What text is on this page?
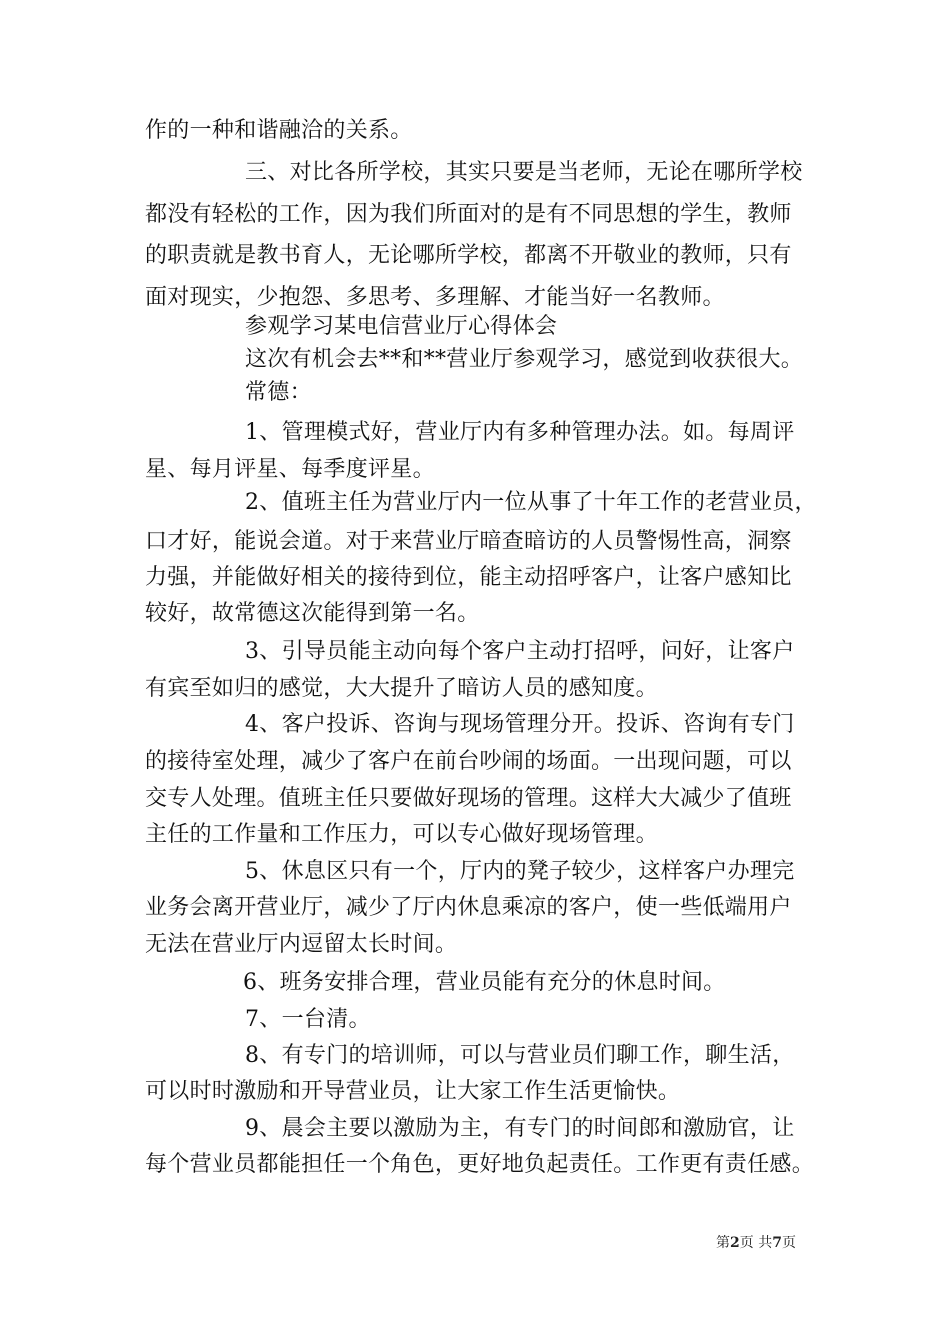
作的一种和谐融洽的关系。
三、对比各所学校，其实只要是当老师，无论在哪所学校
都没有轻松的工作，因为我们所面对的是有不同思想的学生，教师
的职责就是教书育人，无论哪所学校，都离不开敬业的教师，只有
面对现实，少抱怨、多思考、多理解、才能当好一名教师。
参观学习某电信营业厅心得体会
这次有机会去**和**营业厅参观学习，感觉到收获很大。
常德：
1、管理模式好，营业厅内有多种管理办法。如。每周评
星、每月评星、每季度评星。
2、值班主任为营业厅内一位从事了十年工作的老营业员，
口才好，能说会道。对于来营业厅暗查暗访的人员警惕性高，洞察
力强，并能做好相关的接待到位，能主动招呼客户，让客户感知比
较好，故常德这次能得到第一名。
3、引导员能主动向每个客户主动打招呼，问好，让客户
有宾至如归的感觉，大大提升了暗访人员的感知度。
4、客户投诉、咨询与现场管理分开。投诉、咨询有专门
的接待室处理，减少了客户在前台吵闹的场面。一出现问题，可以
交专人处理。值班主任只要做好现场的管理。这样大大减少了值班
主任的工作量和工作压力，可以专心做好现场管理。
5、休息区只有一个，厅内的凳子较少，这样客户办理完
业务会离开营业厅，减少了厅内休息乘凉的客户，使一些低端用户
无法在营业厅内逗留太长时间。
6、班务安排合理，营业员能有充分的休息时间。
7、一台清。
8、有专门的培训师，可以与营业员们聊工作，聊生活，
可以时时激励和开导营业员，让大家工作生活更愉快。
9、晨会主要以激励为主，有专门的时间郎和激励官，让
每个营业员都能担任一个角色，更好地负起责任。工作更有责任感。
第2页 共7页
